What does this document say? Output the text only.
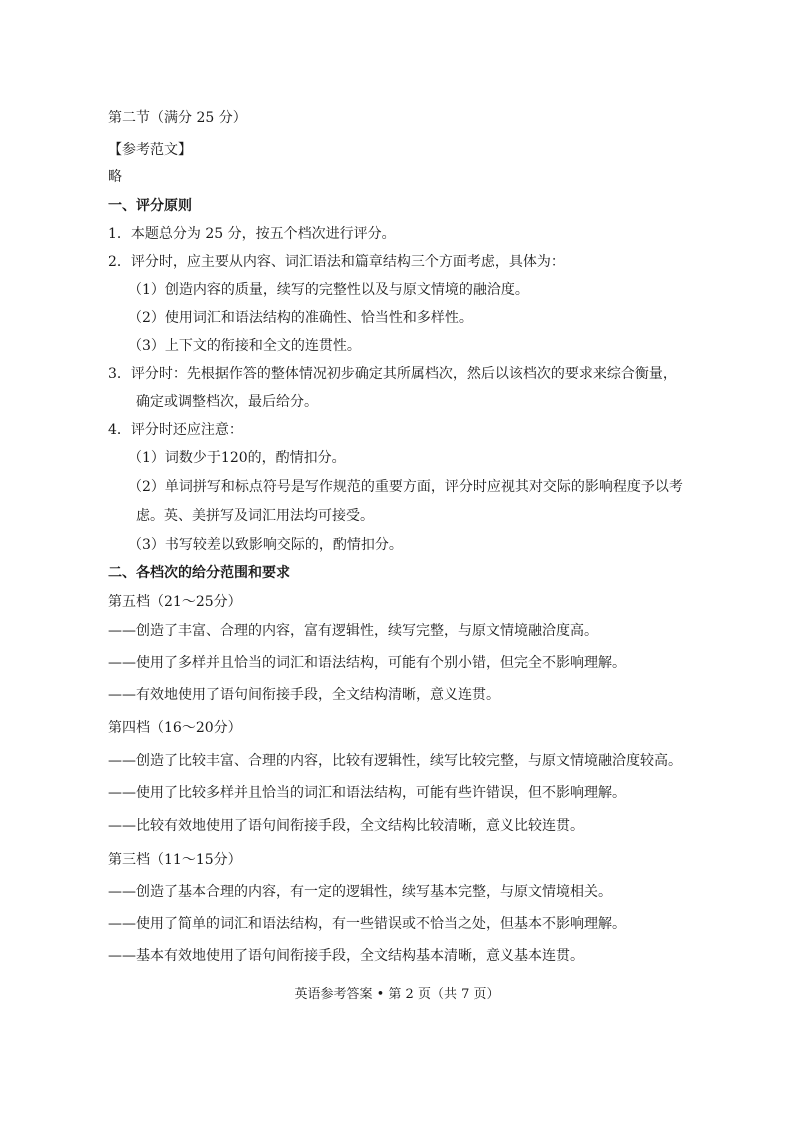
第二节（满分 25 分）
【参考范文】
略
一、评分原则
1．本题总分为 25 分，按五个档次进行评分。
2．评分时，应主要从内容、词汇语法和篇章结构三个方面考虑，具体为：
（1）创造内容的质量，续写的完整性以及与原文情境的融洽度。
（2）使用词汇和语法结构的准确性、恰当性和多样性。
（3）上下文的衔接和全文的连贯性。
3．评分时：先根据作答的整体情况初步确定其所属档次，然后以该档次的要求来综合衡量，
确定或调整档次，最后给分。
4．评分时还应注意：
（1）词数少于120的，酌情扣分。
（2）单词拼写和标点符号是写作规范的重要方面，评分时应视其对交际的影响程度予以考
虑。英、美拼写及词汇用法均可接受。
（3）书写较差以致影响交际的，酌情扣分。
二、各档次的给分范围和要求
第五档（21～25分）
——创造了丰富、合理的内容，富有逻辑性，续写完整，与原文情境融洽度高。
——使用了多样并且恰当的词汇和语法结构，可能有个别小错，但完全不影响理解。
——有效地使用了语句间衔接手段，全文结构清晰，意义连贯。
第四档（16～20分）
——创造了比较丰富、合理的内容，比较有逻辑性，续写比较完整，与原文情境融洽度较高。
——使用了比较多样并且恰当的词汇和语法结构，可能有些许错误，但不影响理解。
——比较有效地使用了语句间衔接手段，全文结构比较清晰，意义比较连贯。
第三档（11～15分）
——创造了基本合理的内容，有一定的逻辑性，续写基本完整，与原文情境相关。
——使用了简单的词汇和语法结构，有一些错误或不恰当之处，但基本不影响理解。
——基本有效地使用了语句间衔接手段，全文结构基本清晰，意义基本连贯。
英语参考答案 • 第 2 页（共 7 页）
